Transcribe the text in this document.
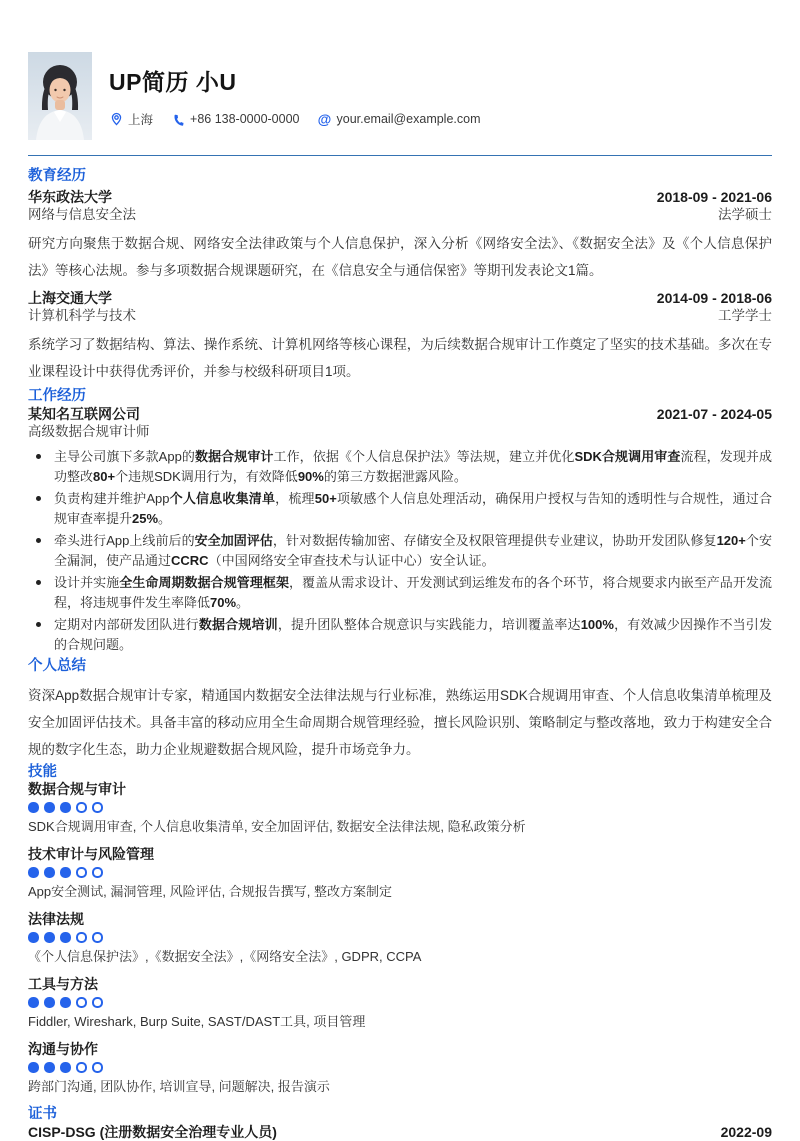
UP简历 小U
上海	+86 138-0000-0000 @ your.email@example.com
教育经历
华东政法大学	2018-09 - 2021-06
网络与信息安全法	法学硕士

研究方向聚焦于数据合规、网络安全法律政策与个人信息保护，深入分析《网络安全法》、《数据安全法》及《个人信息保护法》等核心法规。参与多项数据合规课题研究，在《信息安全与通信保密》等期刊发表论文1篇。

上海交通大学	2014-09 - 2018-06
计算机科学与技术	工学学士

系统学习了数据结构、算法、操作系统、计算机网络等核心课程，为后续数据合规审计工作奠定了坚实的技术基础。多次在专业课程设计中获得优秀评价，并参与校级科研项目1项。

工作经历
某知名互联网公司	2021-07 - 2024-05
高级数据合规审计师
主导公司旗下多款App的数据合规审计工作，依据《个人信息保护法》等法规，建立并优化SDK合规调用审查流程，发现并成功整改80+个违规SDK调用行为，有效降低90%的第三方数据泄露风险。
负责构建并维护App个人信息收集清单，梳理50+项敏感个人信息处理活动，确保用户授权与告知的透明性与合规性，通过合规审查率提升25%。
牵头进行App上线前后的安全加固评估，针对数据传输加密、存储安全及权限管理提供专业建议，协助开发团队修复120+个安全漏洞，使产品通过CCRC（中国网络安全审查技术与认证中心）安全认证。
设计并实施全生命周期数据合规管理框架，覆盖从需求设计、开发测试到运维发布的各个环节，将合规要求内嵌至产品开发流程，将违规事件发生率降低70%。
定期对内部研发团队进行数据合规培训，提升团队整体合规意识与实践能力，培训覆盖率达100%，有效减少因操作不当引发的合规问题。
个人总结

资深App数据合规审计专家，精通国内数据安全法律法规与行业标准，熟练运用SDK合规调用审查、个人信息收集清单梳理及安全加固评估技术。具备丰富的移动应用全生命周期合规管理经验，擅长风险识别、策略制定与整改落地，致力于构建安全合规的数字化生态，助力企业规避数据合规风险，提升市场竞争力。

技能
数据合规与审计
SDK合规调用审查, 个人信息收集清单, 安全加固评估, 数据安全法律法规, 隐私政策分析
技术审计与风险管理
App安全测试, 漏洞管理, 风险评估, 合规报告撰写, 整改方案制定
法律法规
《个人信息保护法》,《数据安全法》,《网络安全法》, GDPR, CCPA
工具与方法
Fiddler, Wireshark, Burp Suite, SAST/DAST工具, 项目管理
沟通与协作
跨部门沟通, 团队协作, 培训宣导, 问题解决, 报告演示
证书
CISP-DSG (注册数据安全治理专业人员)	2022-09
